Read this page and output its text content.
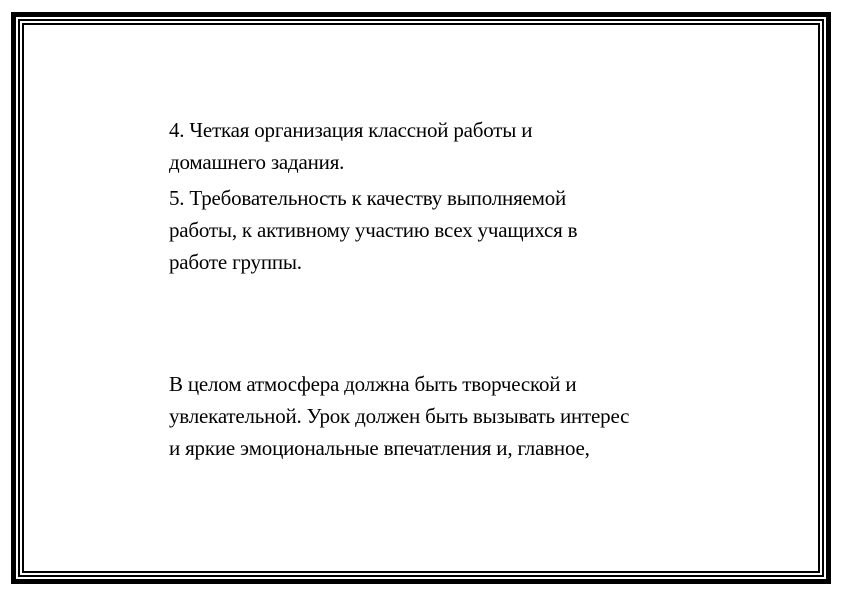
4. Четкая организация классной работы и
домашнего задания.

5. Требовательность к качеству выполняемой
работы, к активному участию всех учащихся в
работе группы.

В целом атмосфера должна быть творческой и
увлекательной. Урок должен быть вызывать интерес
и яркие эмоциональные впечатления и, главное,
